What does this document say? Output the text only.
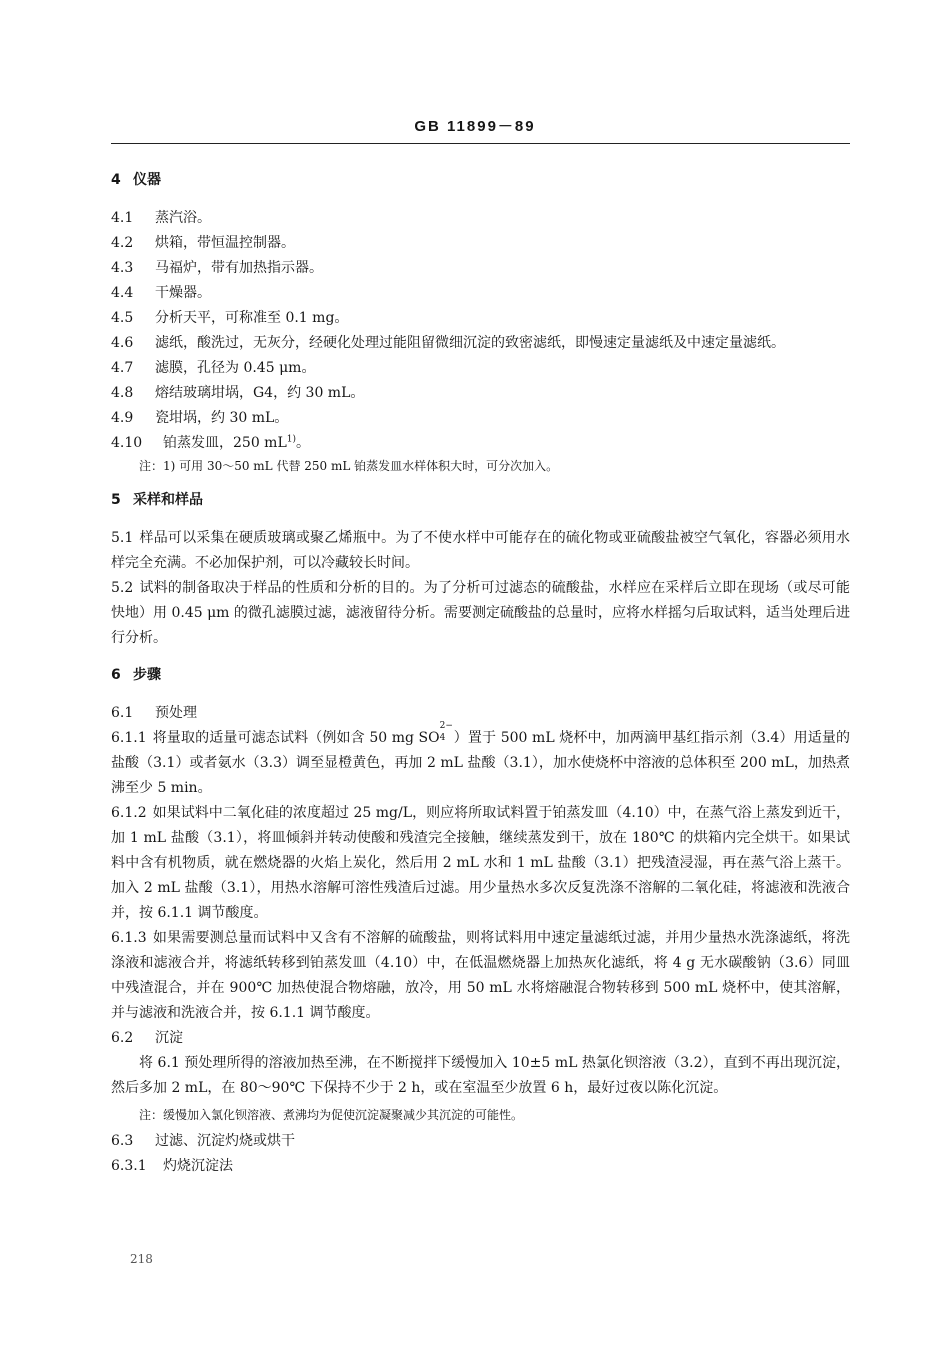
GB 11899－89
4 仪器
4.1	蒸汽浴。
4.2	烘箱，带恒温控制器。
4.3	马福炉，带有加热指示器。
4.4	干燥器。
4.5	分析天平，可称准至 0.1 mg。
4.6	滤纸，酸洗过，无灰分，经硬化处理过能阻留微细沉淀的致密滤纸，即慢速定量滤纸及中速定量滤纸。
4.7	滤膜，孔径为 0.45 μm。
4.8	熔结玻璃坩埚，G4，约 30 mL。
4.9	瓷坩埚，约 30 mL。
4.10	铂蒸发皿，250 $mL^{1)}$。
注：1) 可用 30～50 mL 代替 250 mL 铂蒸发皿水样体积大时，可分次加入。
5 采样和样品

5.1 样品可以采集在硬质玻璃或聚乙烯瓶中。为了不使水样中可能存在的硫化物或亚硫酸盐被空气氧化，容器必须用水样完全充满。不必加保护剂，可以冷藏较长时间。

5.2 试料的制备取决于样品的性质和分析的目的。为了分析可过滤态的硫酸盐，水样应在采样后立即在现场（或尽可能快地）用 0.45 μm 的微孔滤膜过滤，滤液留待分析。需要测定硫酸盐的总量时，应将水样摇匀后取试料，适当处理后进行分析。

6 步骤
6.1	预处理

6.1.1 将量取的适量可滤态试料（例如含 50 mg SO
2−
4 ）置于 500 mL 烧杯中，加两滴甲基红指示剂（3.4）用适量的盐酸（3.1）或者氨水（3.3）调至显橙黄色，再加 2 mL 盐酸（3.1），加水使烧杯中溶液的总体积至 200 mL，加热煮沸至少 5 min。

6.1.2 如果试料中二氧化硅的浓度超过 25 mg/L，则应将所取试料置于铂蒸发皿（4.10）中，在蒸气浴上蒸发到近干，加 1 mL 盐酸（3.1），将皿倾斜并转动使酸和残渣完全接触，继续蒸发到干，放在 180℃ 的烘箱内完全烘干。如果试料中含有机物质，就在燃烧器的火焰上炭化，然后用 2 mL 水和 1 mL 盐酸（3.1）把残渣浸湿，再在蒸气浴上蒸干。加入 2 mL 盐酸（3.1），用热水溶解可溶性残渣后过滤。用少量热水多次反复洗涤不溶解的二氧化硅，将滤液和洗液合并，按 6.1.1 调节酸度。

6.1.3 如果需要测总量而试料中又含有不溶解的硫酸盐，则将试料用中速定量滤纸过滤，并用少量热水洗涤滤纸，将洗涤液和滤液合并，将滤纸转移到铂蒸发皿（4.10）中，在低温燃烧器上加热灰化滤纸，将 4 g 无水碳酸钠（3.6）同皿中残渣混合，并在 900℃ 加热使混合物熔融，放冷，用 50 mL 水将熔融混合物转移到 500 mL 烧杯中，使其溶解，并与滤液和洗液合并，按 6.1.1 调节酸度。

6.2	沉淀

将 6.1 预处理所得的溶液加热至沸，在不断搅拌下缓慢加入 10±5 mL 热氯化钡溶液（3.2），直到不再出现沉淀，然后多加 2 mL，在 80～90℃ 下保持不少于 2 h，或在室温至少放置 6 h，最好过夜以陈化沉淀。

注：缓慢加入氯化钡溶液、煮沸均为促使沉淀凝聚减少其沉淀的可能性。
6.3	过滤、沉淀灼烧或烘干
6.3.1	灼烧沉淀法
218
